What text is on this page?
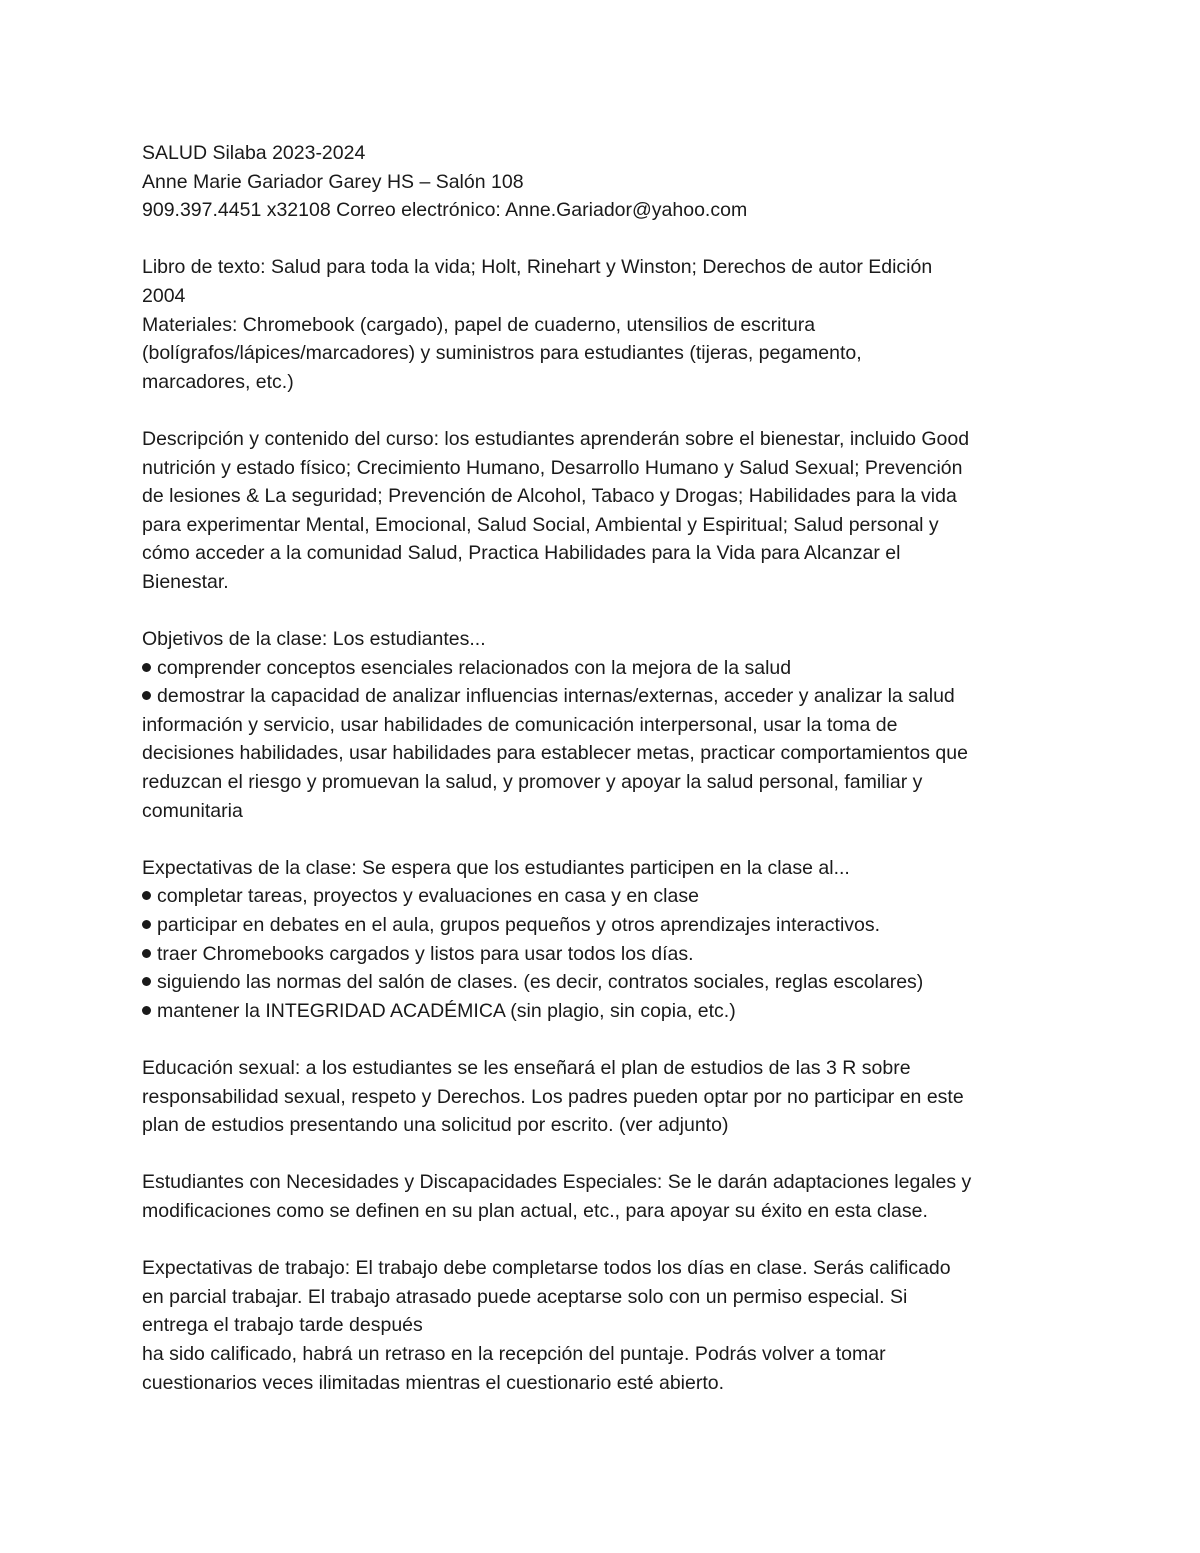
SALUD Silaba 2023-2024
Anne Marie Gariador Garey HS – Salón 108
909.397.4451 x32108 Correo electrónico: Anne.Gariador@yahoo.com
Libro de texto: Salud para toda la vida; Holt, Rinehart y Winston; Derechos de autor Edición
2004
Materiales: Chromebook (cargado), papel de cuaderno, utensilios de escritura
(bolígrafos/lápices/marcadores) y suministros para estudiantes (tijeras, pegamento,
marcadores, etc.)
Descripción y contenido del curso: los estudiantes aprenderán sobre el bienestar, incluido Good
nutrición y estado físico; Crecimiento Humano, Desarrollo Humano y Salud Sexual; Prevención
de lesiones & La seguridad; Prevención de Alcohol, Tabaco y Drogas; Habilidades para la vida
para experimentar Mental, Emocional, Salud Social, Ambiental y Espiritual; Salud personal y
cómo acceder a la comunidad Salud, Practica Habilidades para la Vida para Alcanzar el
Bienestar.
Objetivos de la clase: Los estudiantes...
comprender conceptos esenciales relacionados con la mejora de la salud
demostrar la capacidad de analizar influencias internas/externas, acceder y analizar la salud
información y servicio, usar habilidades de comunicación interpersonal, usar la toma de
decisiones habilidades, usar habilidades para establecer metas, practicar comportamientos que
reduzcan el riesgo y promuevan la salud, y promover y apoyar la salud personal, familiar y
comunitaria
Expectativas de la clase: Se espera que los estudiantes participen en la clase al...
completar tareas, proyectos y evaluaciones en casa y en clase
participar en debates en el aula, grupos pequeños y otros aprendizajes interactivos.
traer Chromebooks cargados y listos para usar todos los días.
siguiendo las normas del salón de clases. (es decir, contratos sociales, reglas escolares)
mantener la INTEGRIDAD ACADÉMICA (sin plagio, sin copia, etc.)
Educación sexual: a los estudiantes se les enseñará el plan de estudios de las 3 R sobre
responsabilidad sexual, respeto y Derechos. Los padres pueden optar por no participar en este
plan de estudios presentando una solicitud por escrito. (ver adjunto)
Estudiantes con Necesidades y Discapacidades Especiales: Se le darán adaptaciones legales y
modificaciones como se definen en su plan actual, etc., para apoyar su éxito en esta clase.
Expectativas de trabajo: El trabajo debe completarse todos los días en clase. Serás calificado
en parcial trabajar. El trabajo atrasado puede aceptarse solo con un permiso especial. Si
entrega el trabajo tarde después
ha sido calificado, habrá un retraso en la recepción del puntaje. Podrás volver a tomar
cuestionarios veces ilimitadas mientras el cuestionario esté abierto.
